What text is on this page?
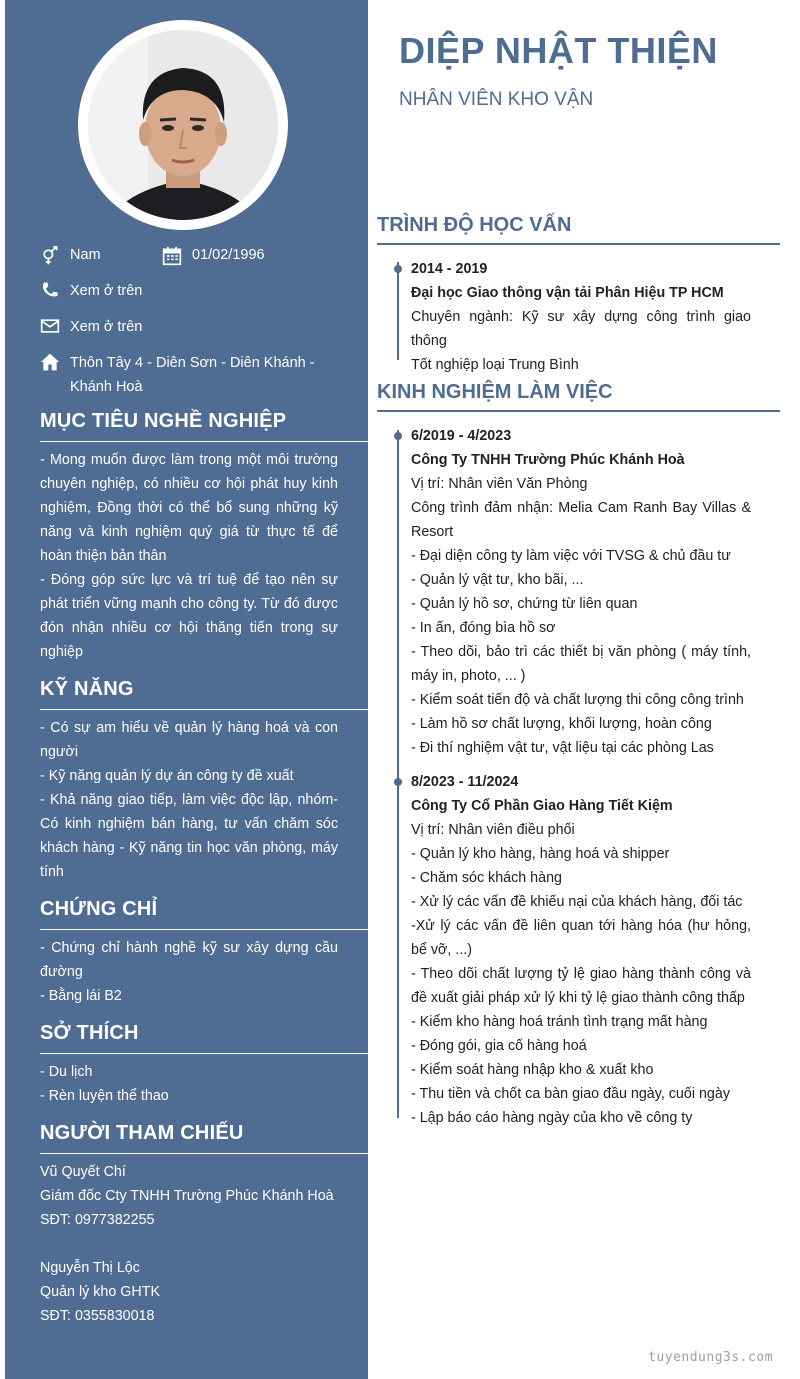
Nam	01/02/1996
Xem ở trên
Xem ở trên
Thôn Tây 4 - Diên Sơn - Diên Khánh - Khánh Hoà
MỤC TIÊU NGHỀ NGHIỆP
- Mong muốn được làm trong một môi trường chuyên nghiệp, có nhiều cơ hội phát huy kinh nghiệm, Đồng thời có thể bổ sung những kỹ năng và kinh nghiệm quý giá từ thực tế để hoàn thiện bản thân
- Đóng góp sức lực và trí tuệ để tạo nên sự phát triển vững mạnh cho công ty. Từ đó được đón nhận nhiều cơ hội thăng tiến trong sự nghiệp
KỸ NĂNG
- Có sự am hiểu về quản lý hàng hoá và con người
- Kỹ năng quản lý dự án công ty đề xuất
- Khả năng giao tiếp, làm việc độc lập, nhóm- Có kinh nghiệm bán hàng, tư vấn chăm sóc khách hàng - Kỹ năng tin học văn phòng, máy tính
CHỨNG CHỈ
- Chứng chỉ hành nghề kỹ sư xây dựng cầu đường
- Bằng lái B2
SỞ THÍCH
- Du lịch
- Rèn luyện thể thao
NGƯỜI THAM CHIẾU
Vũ Quyết Chí
Giám đốc Cty TNHH Trường Phúc Khánh Hoà
SĐT: 0977382255
Nguyễn Thị Lộc
Quản lý kho GHTK
SĐT: 0355830018
DIỆP NHẬT THIỆN
NHÂN VIÊN KHO VẬN
TRÌNH ĐỘ HỌC VẤN
2014 - 2019
Đại học Giao thông vận tải Phân Hiệu TP HCM
Chuyên ngành: Kỹ sư xây dựng công trình giao thông
Tốt nghiệp loại Trung Bình
KINH NGHIỆM LÀM VIỆC
6/2019 - 4/2023
Công Ty TNHH Trường Phúc Khánh Hoà
Vị trí: Nhân viên Văn Phòng
Công trình đảm nhận: Melia Cam Ranh Bay Villas & Resort
- Đại diện công ty làm việc với TVSG & chủ đầu tư
- Quản lý vật tư, kho bãi, ...
- Quản lý hồ sơ, chứng từ liên quan
- In ấn, đóng bìa hồ sơ
- Theo dõi, bảo trì các thiết bị văn phòng ( máy tính, máy in, photo, ... )
- Kiểm soát tiến độ và chất lượng thi công công trình
- Làm hồ sơ chất lượng, khối lượng, hoàn công
- Đi thí nghiệm vật tư, vật liệu tại các phòng Las
8/2023 - 11/2024
Công Ty Cổ Phần Giao Hàng Tiết Kiệm
Vị trí: Nhân viên điều phối
- Quản lý kho hàng, hàng hoá và shipper
- Chăm sóc khách hàng
- Xử lý các vấn đề khiếu nại của khách hàng, đối tác
-Xử lý các vấn đề liên quan tới hàng hóa (hư hỏng, bể vỡ, ...)
- Theo dõi chất lượng tỷ lệ giao hàng thành công và đề xuất giải pháp xử lý khi tỷ lệ giao thành công thấp
- Kiểm kho hàng hoá tránh tình trạng mất hàng
- Đóng gói, gia cố hàng hoá
- Kiểm soát hàng nhập kho & xuất kho
- Thu tiền và chốt ca bàn giao đầu ngày, cuối ngày
- Lập báo cáo hàng ngày của kho về công ty
tuyendung3s.com
